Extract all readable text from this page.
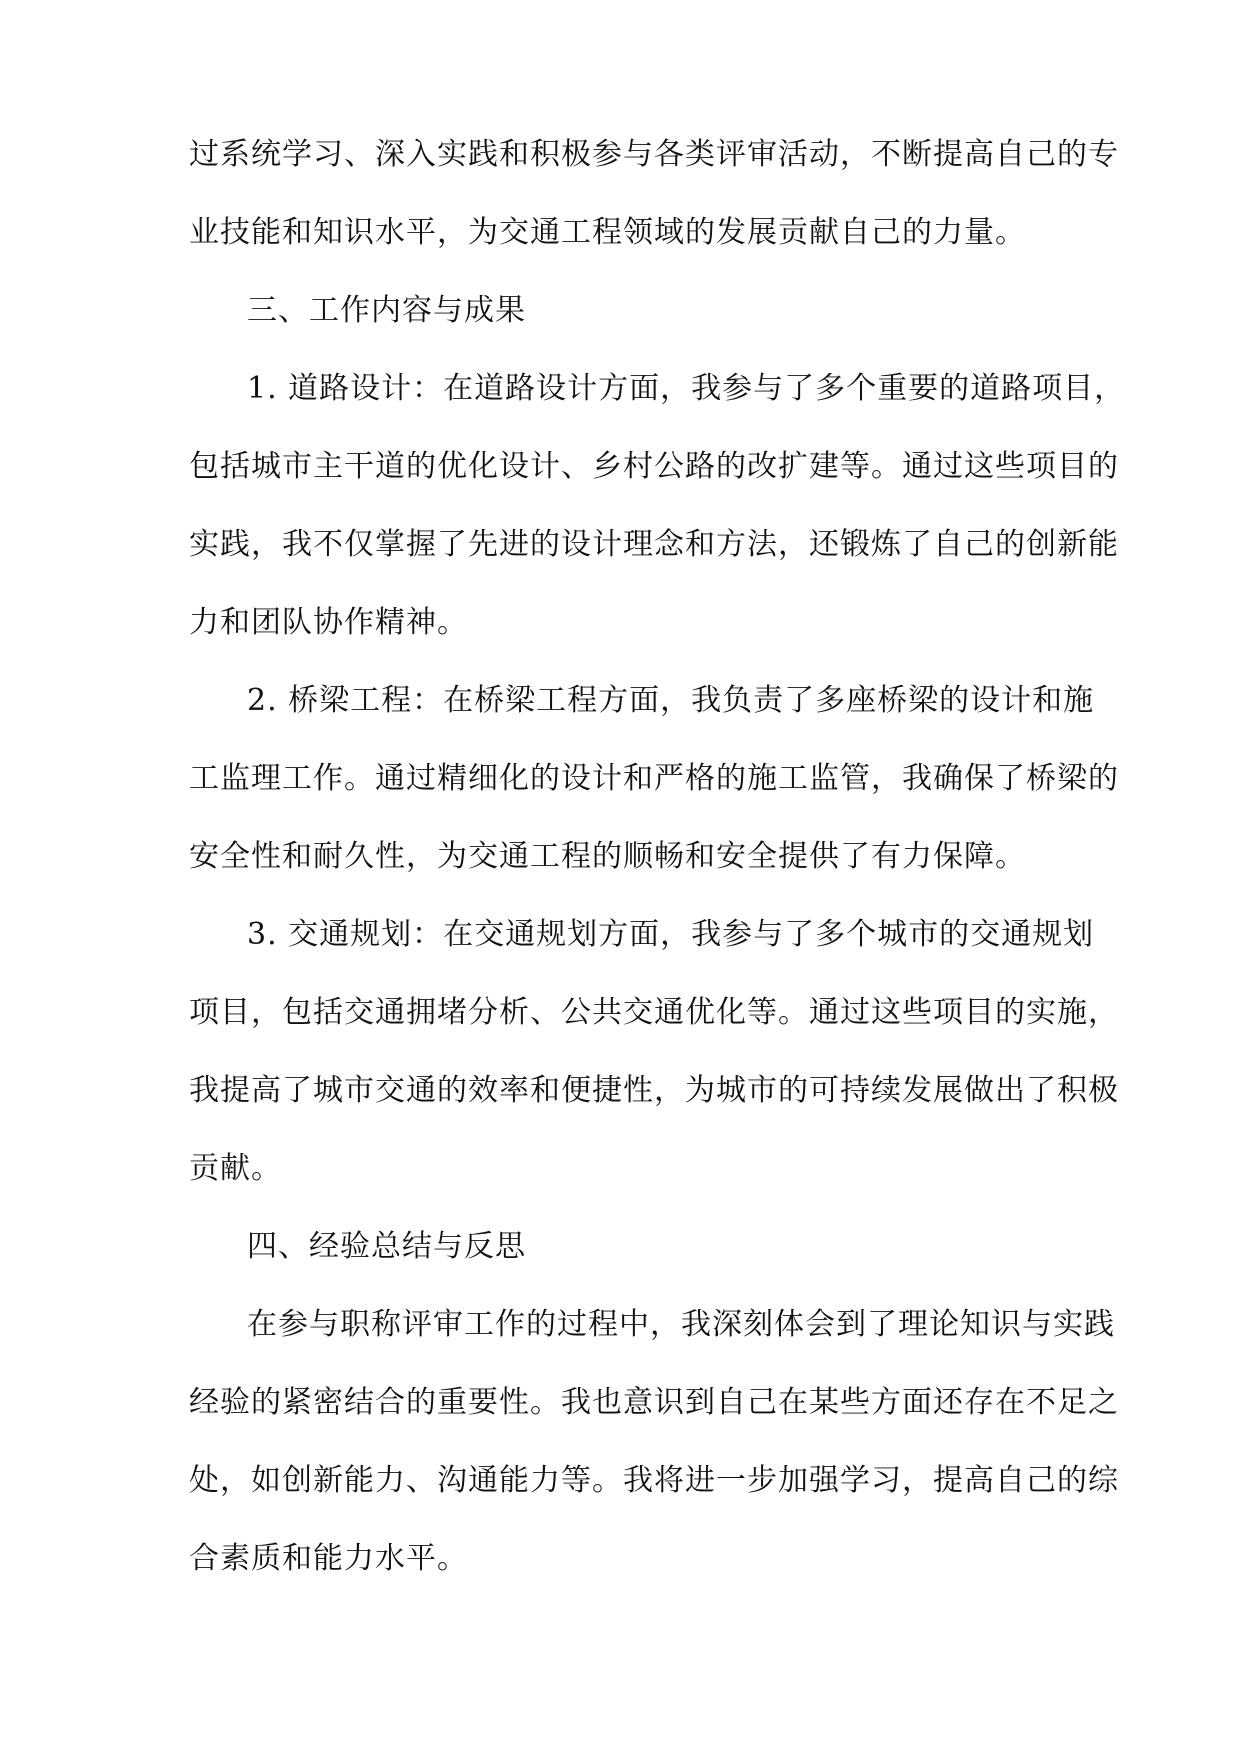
过系统学习、深入实践和积极参与各类评审活动，不断提高自己的专
业技能和知识水平，为交通工程领域的发展贡献自己的力量。
三、工作内容与成果
1. 道路设计：在道路设计方面，我参与了多个重要的道路项目，
包括城市主干道的优化设计、乡村公路的改扩建等。通过这些项目的
实践，我不仅掌握了先进的设计理念和方法，还锻炼了自己的创新能
力和团队协作精神。
2. 桥梁工程：在桥梁工程方面，我负责了多座桥梁的设计和施
工监理工作。通过精细化的设计和严格的施工监管，我确保了桥梁的
安全性和耐久性，为交通工程的顺畅和安全提供了有力保障。
3. 交通规划：在交通规划方面，我参与了多个城市的交通规划
项目，包括交通拥堵分析、公共交通优化等。通过这些项目的实施，
我提高了城市交通的效率和便捷性，为城市的可持续发展做出了积极
贡献。
四、经验总结与反思
在参与职称评审工作的过程中，我深刻体会到了理论知识与实践
经验的紧密结合的重要性。我也意识到自己在某些方面还存在不足之
处，如创新能力、沟通能力等。我将进一步加强学习，提高自己的综
合素质和能力水平。
